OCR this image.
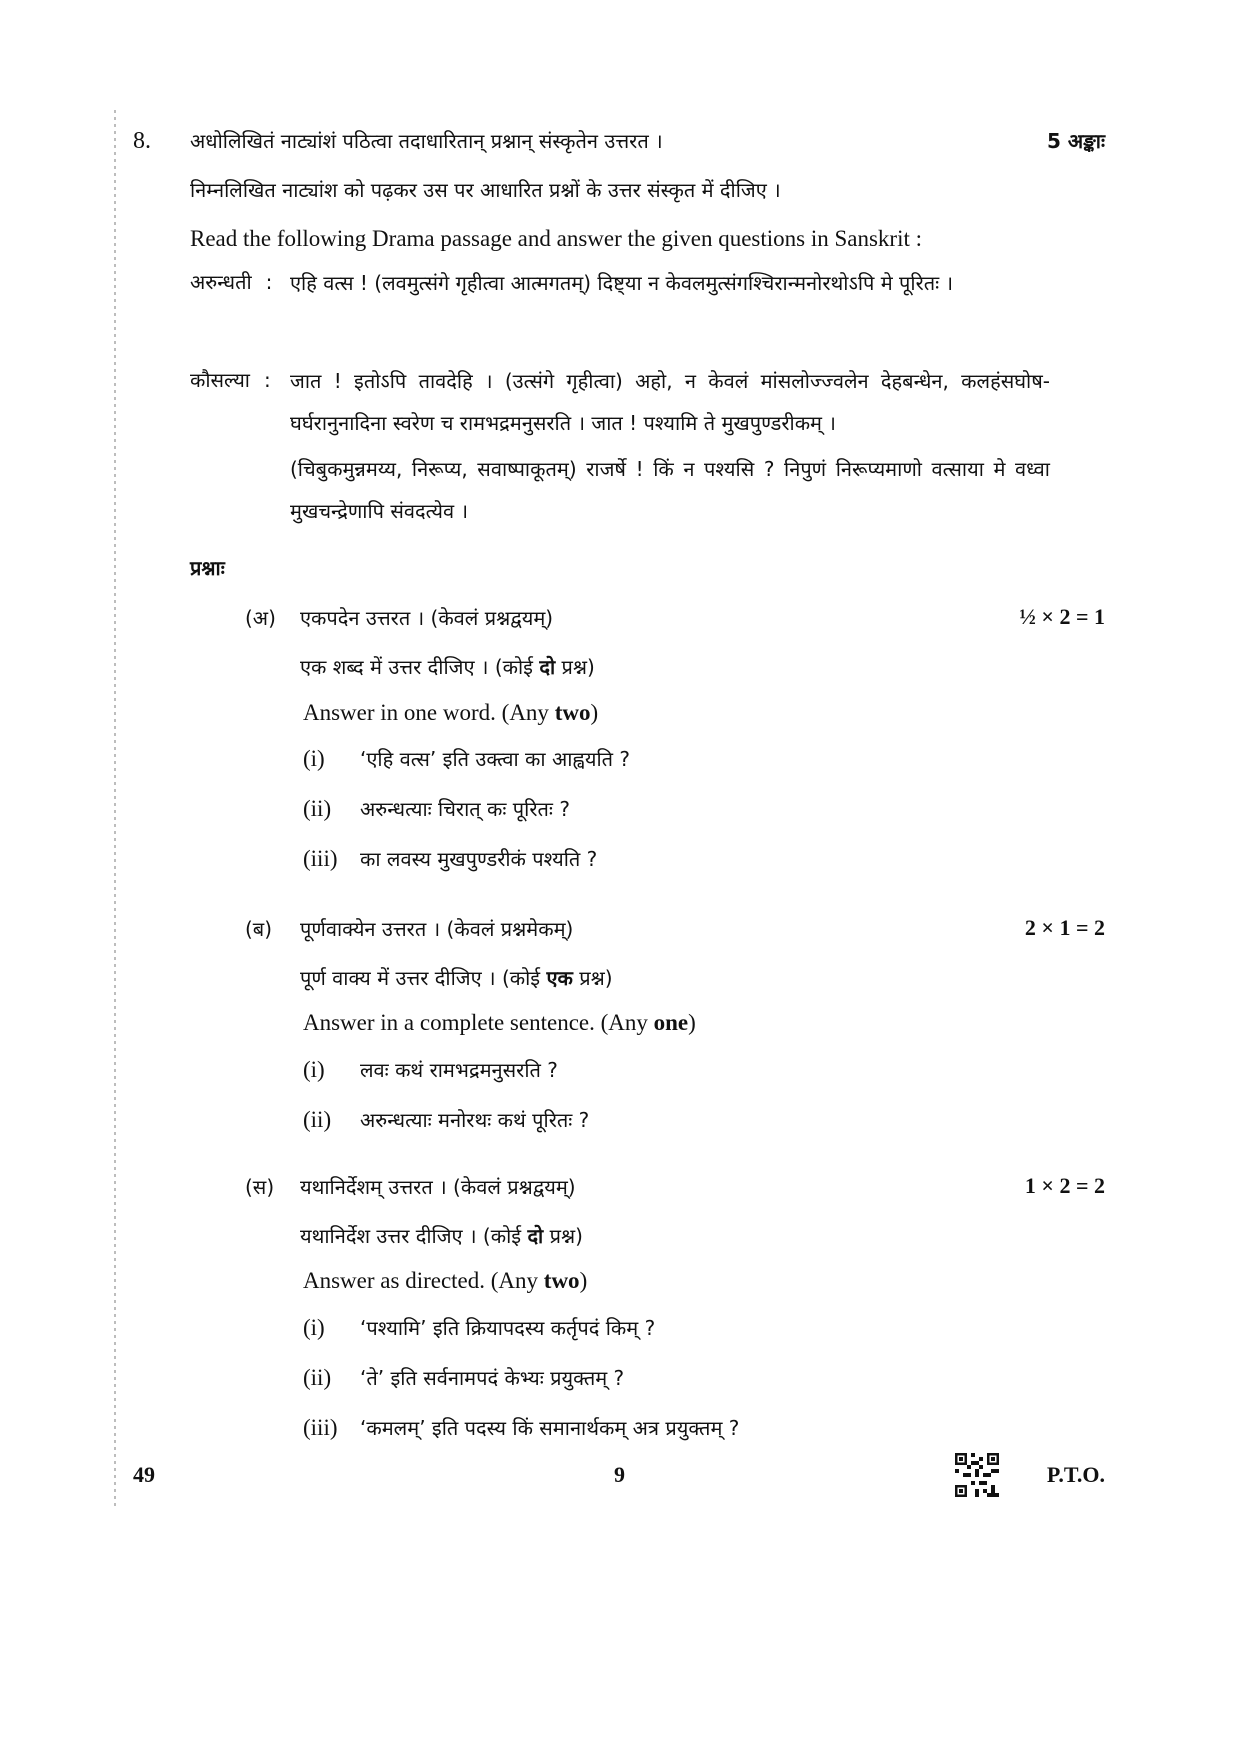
8. अधोलिखितं नाट्यांशं पठित्वा तदाधारितान् प्रश्नान् संस्कृतेन उत्तरत ।	5 अङ्काः
निम्नलिखित नाट्यांश को पढ़कर उस पर आधारित प्रश्नों के उत्तर संस्कृत में दीजिए ।
Read the following Drama passage and answer the given questions in Sanskrit :
अरुन्धती : एहि वत्स ! (लवमुत्संगे गृहीत्वा आत्मगतम्) दिष्ट्या न केवलमुत्संगश्चिरान्मनोरथोऽपि मे पूरितः ।
कौसल्या : जात ! इतोऽपि तावदेहि । (उत्संगे गृहीत्वा) अहो, न केवलं मांसलोज्ज्वलेन देहबन्धेन, कलहंसघोष-घर्घरानुनादिना स्वरेण च रामभद्रमनुसरति । जात ! पश्यामि ते मुखपुण्डरीकम् ।
(चिबुकमुन्नमय्य, निरूप्य, सवाष्पाकूतम्) राजर्षे ! किं न पश्यसि ? निपुणं निरूप्यमाणो वत्साया मे वध्वा मुखचन्द्रेणापि संवदत्येव ।
प्रश्नाः
(अ) एकपदेन उत्तरत । (केवलं प्रश्नद्वयम्)	½ × 2 = 1
एक शब्द में उत्तर दीजिए । (कोई दो प्रश्न)
Answer in one word. (Any two)
(i) ‘एहि वत्स’ इति उक्त्वा का आह्वयति ?
(ii) अरुन्धत्याः चिरात् कः पूरितः ?
(iii) का लवस्य मुखपुण्डरीकं पश्यति ?
(ब) पूर्णवाक्येन उत्तरत । (केवलं प्रश्नमेकम्)	2 × 1 = 2
पूर्ण वाक्य में उत्तर दीजिए । (कोई एक प्रश्न)
Answer in a complete sentence. (Any one)
(i) लवः कथं रामभद्रमनुसरति ?
(ii) अरुन्धत्याः मनोरथः कथं पूरितः ?
(स) यथानिर्देशम् उत्तरत । (केवलं प्रश्नद्वयम्)	1 × 2 = 2
यथानिर्देश उत्तर दीजिए । (कोई दो प्रश्न)
Answer as directed. (Any two)
(i) ‘पश्यामि’ इति क्रियापदस्य कर्तृपदं किम् ?
(ii) ‘ते’ इति सर्वनामपदं केभ्यः प्रयुक्तम् ?
(iii) ‘कमलम्’ इति पदस्य किं समानार्थकम् अत्र प्रयुक्तम् ?
49	9	P.T.O.
